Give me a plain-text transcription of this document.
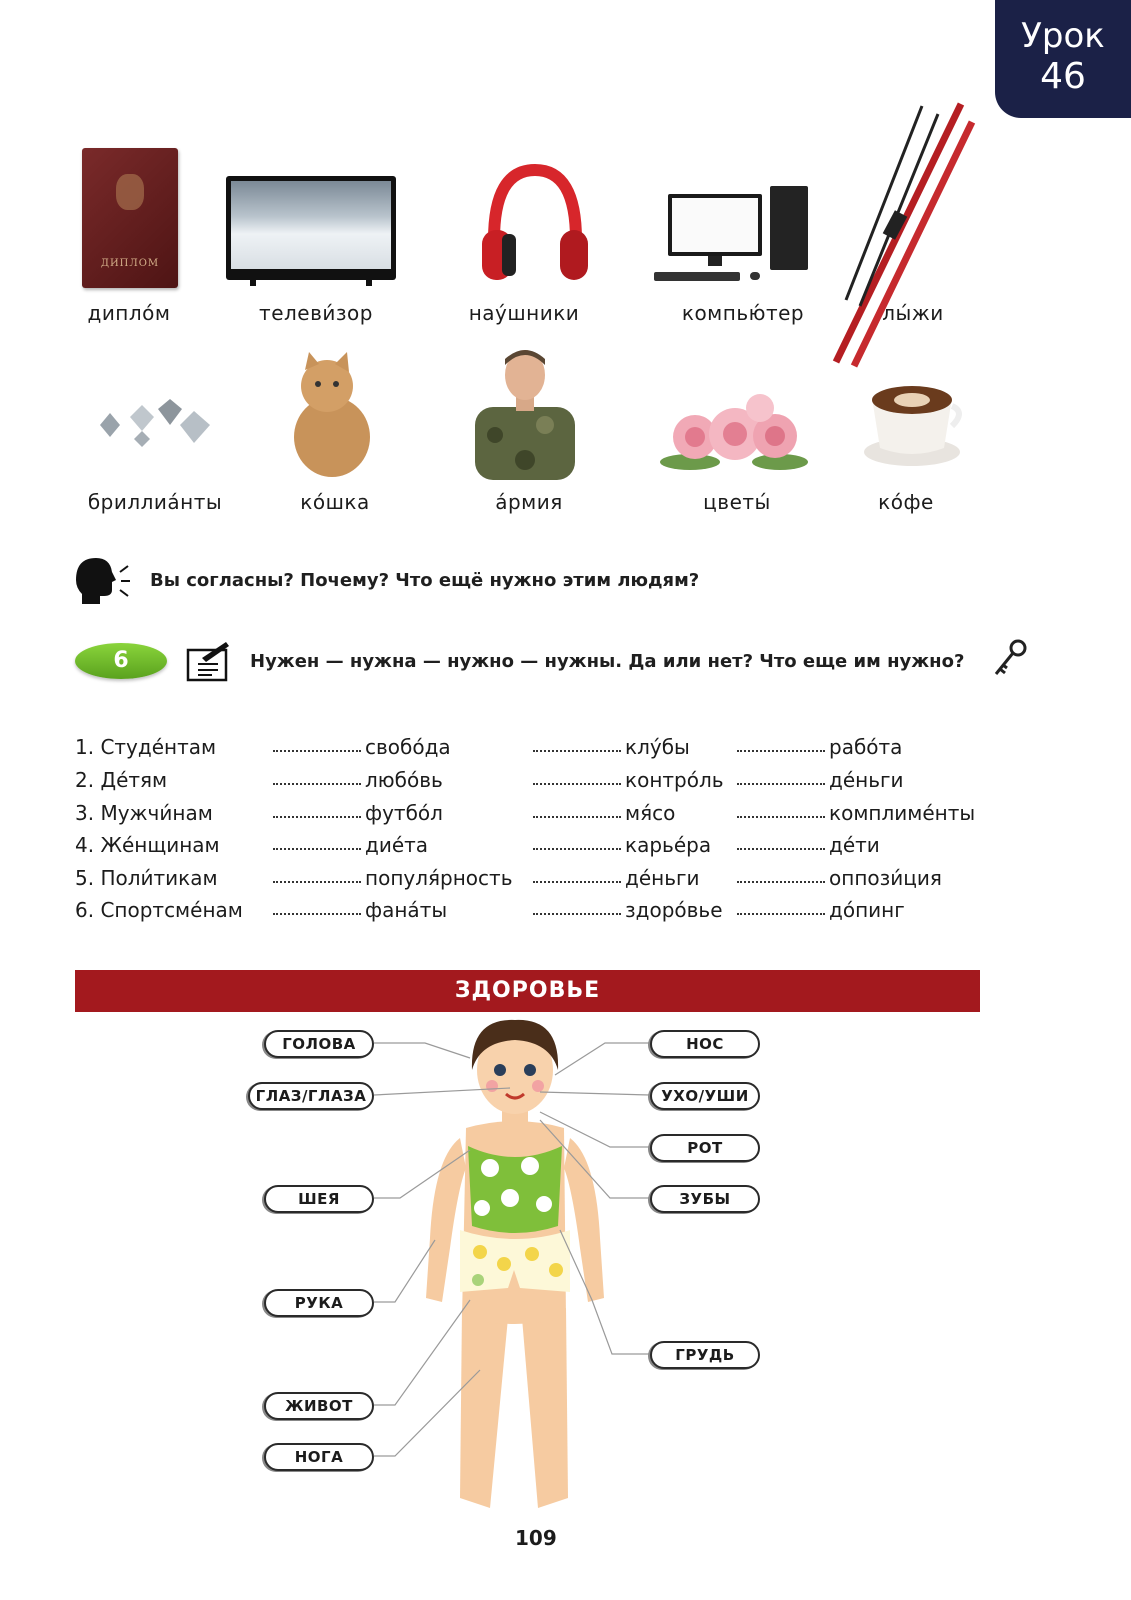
Урок
46
ДИПЛОМ
дипло́м	телеви́зор	нау́шники	компью́тер	лы́жи
бриллиа́нты	ко́шка	а́рмия	цветы́	ко́фе
Вы согласны? Почему? Что ещё нужно этим людям?
6	Нужен — нужна — нужно — нужны. Да или нет? Что еще им нужно?
1. Студе́нтам	свобо́да	клу́бы	рабо́та
2. Де́тям	любо́вь	контро́ль	де́ньги
3. Мужчи́нам	футбо́л	мя́со	комплиме́нты
4. Же́нщинам	дие́та	карье́ра	де́ти
5. Поли́тикам	популя́рность	де́ньги	оппози́ция
6. Спортсме́нам	фана́ты	здоро́вье	до́пинг
ЗДОРОВЬЕ
ГОЛОВА
ГЛАЗ/ГЛАЗА
ШЕЯ
РУКА
ЖИВОТ
НОГА
НОС
УХО/УШИ
РОТ
ЗУБЫ
ГРУДЬ
109
